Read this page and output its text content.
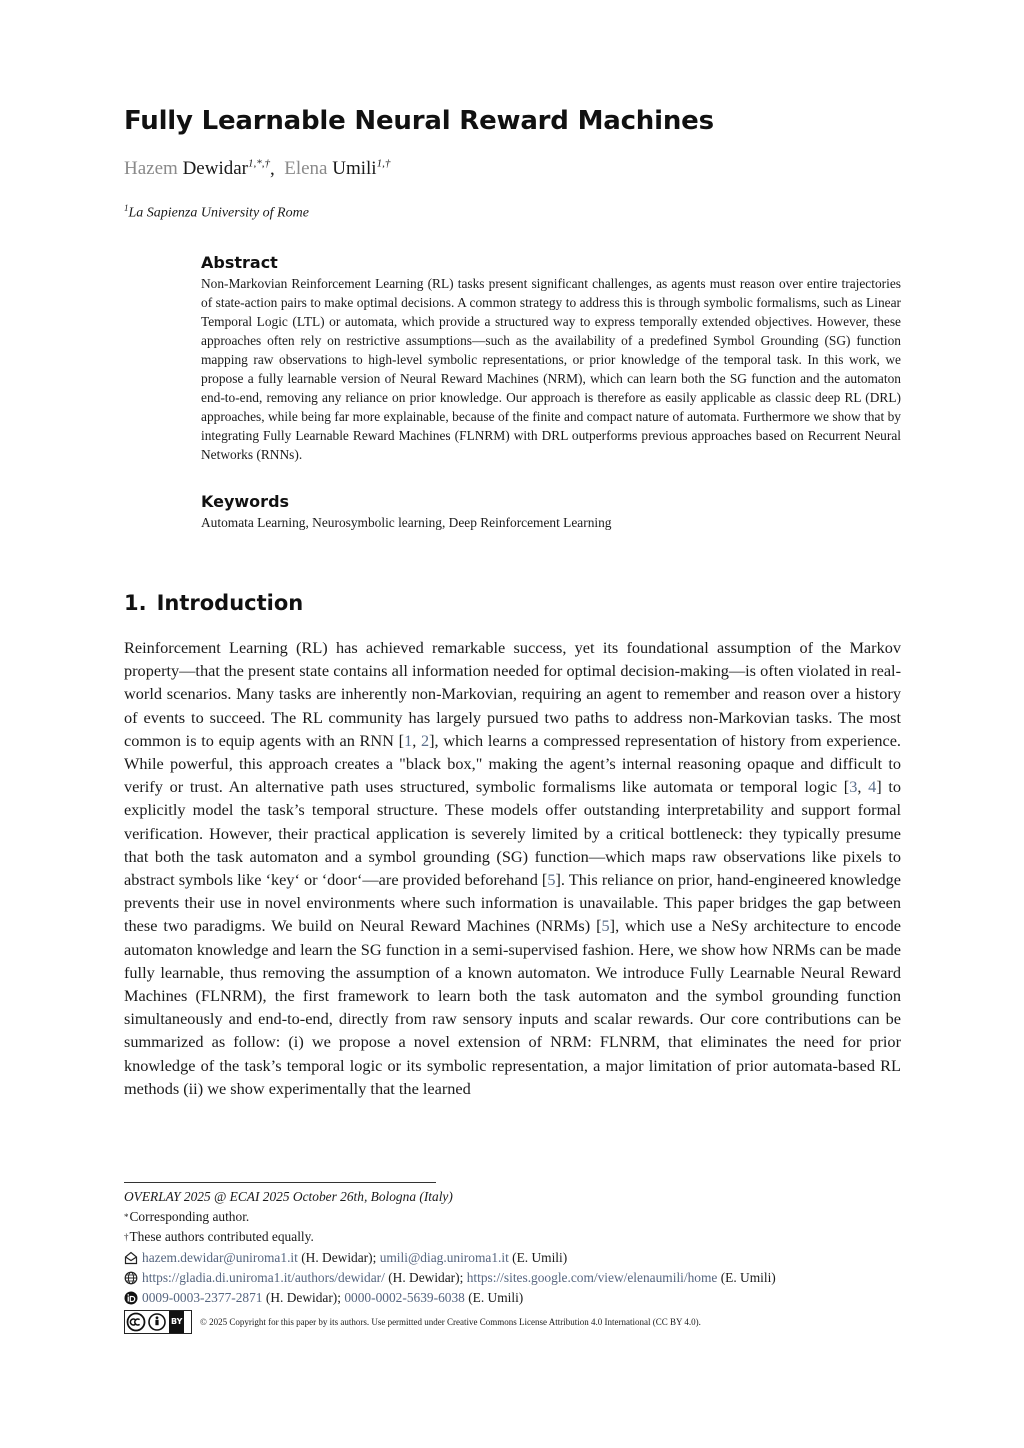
Fully Learnable Neural Reward Machines
Hazem Dewidar$^{1,*,\dagger}$, Elena Umili$^{1,\dagger}$
$^1$La Sapienza University of Rome
Abstract

Non-Markovian Reinforcement Learning (RL) tasks present significant challenges, as agents must reason over entire trajectories of state-action pairs to make optimal decisions. A common strategy to address this is through symbolic formalisms, such as Linear Temporal Logic (LTL) or automata, which provide a structured way to express temporally extended objectives. However, these approaches often rely on restrictive assumptions—such as the availability of a predefined Symbol Grounding (SG) function mapping raw observations to high-level symbolic representations, or prior knowledge of the temporal task. In this work, we propose a fully learnable version of Neural Reward Machines (NRM), which can learn both the SG function and the automaton end-to-end, removing any reliance on prior knowledge. Our approach is therefore as easily applicable as classic deep RL (DRL) approaches, while being far more explainable, because of the finite and compact nature of automata. Furthermore we show that by integrating Fully Learnable Reward Machines (FLNRM) with DRL outperforms previous approaches based on Recurrent Neural Networks (RNNs).

Keywords

Automata Learning, Neurosymbolic learning, Deep Reinforcement Learning

1. Introduction

Reinforcement Learning (RL) has achieved remarkable success, yet its foundational assumption of the Markov property—that the present state contains all information needed for optimal decision-making—is often violated in real-world scenarios. Many tasks are inherently non-Markovian, requiring an agent to remember and reason over a history of events to succeed. The RL community has largely pursued two paths to address non-Markovian tasks. The most common is to equip agents with an RNN [1, 2], which learns a compressed representation of history from experience. While powerful, this approach creates a "black box," making the agent’s internal reasoning opaque and difficult to verify or trust. An alternative path uses structured, symbolic formalisms like automata or temporal logic [3, 4] to explicitly model the task’s temporal structure. These models offer outstanding interpretability and support formal verification. However, their practical application is severely limited by a critical bottleneck: they typically presume that both the task automaton and a symbol grounding (SG) function—which maps raw observations like pixels to abstract symbols like ‘key‘ or ‘door‘—are provided beforehand [5]. This reliance on prior, hand-engineered knowledge prevents their use in novel environments where such information is unavailable. This paper bridges the gap between these two paradigms. We build on Neural Reward Machines (NRMs) [5], which use a NeSy architecture to encode automaton knowledge and learn the SG function in a semi-supervised fashion. Here, we show how NRMs can be made fully learnable, thus removing the assumption of a known automaton. We introduce Fully Learnable Neural Reward Machines (FLNRM), the first framework to learn both the task automaton and the symbol grounding function simultaneously and end-to-end, directly from raw sensory inputs and scalar rewards. Our core contributions can be summarized as follow: (i) we propose a novel extension of NRM: FLNRM, that eliminates the need for prior knowledge of the task’s temporal logic or its symbolic representation, a major limitation of prior automata-based RL methods (ii) we show experimentally that the learned

OVERLAY 2025 @ ECAI 2025 October 26th, Bologna (Italy)
* Corresponding author.
† These authors contributed equally.
hazem.dewidar@uniroma1.it
(H. Dewidar);
umili@diag.uniroma1.it
(E. Umili)
https://gladia.di.uniroma1.it/authors/dewidar/
(H. Dewidar);
https://sites.google.com/view/elenaumili/home
(E. Umili)
0009-0003-2377-2871
(H. Dewidar);
0000-0002-5639-6038
(E. Umili)
BY © 2025 Copyright for this paper by its authors. Use permitted under Creative Commons License Attribution 4.0 International (CC BY 4.0).
